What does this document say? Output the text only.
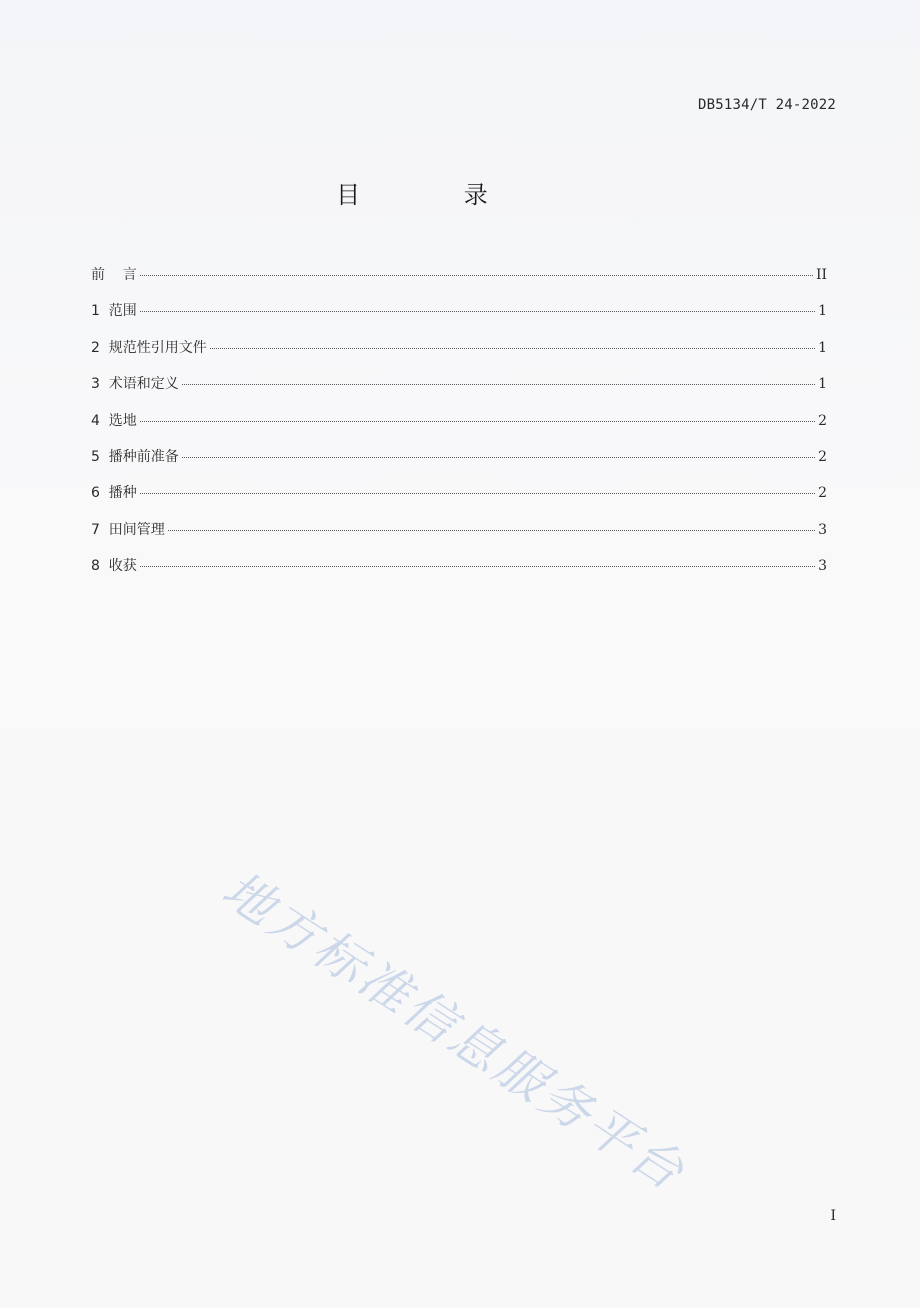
DB5134/T 24-2022
目 录
前    言	II
1  范围	1
2  规范性引用文件	1
3  术语和定义	1
4  选地	2
5  播种前准备	2
6  播种	2
7  田间管理	3
8  收获	3
地方标准信息服务平台
I
